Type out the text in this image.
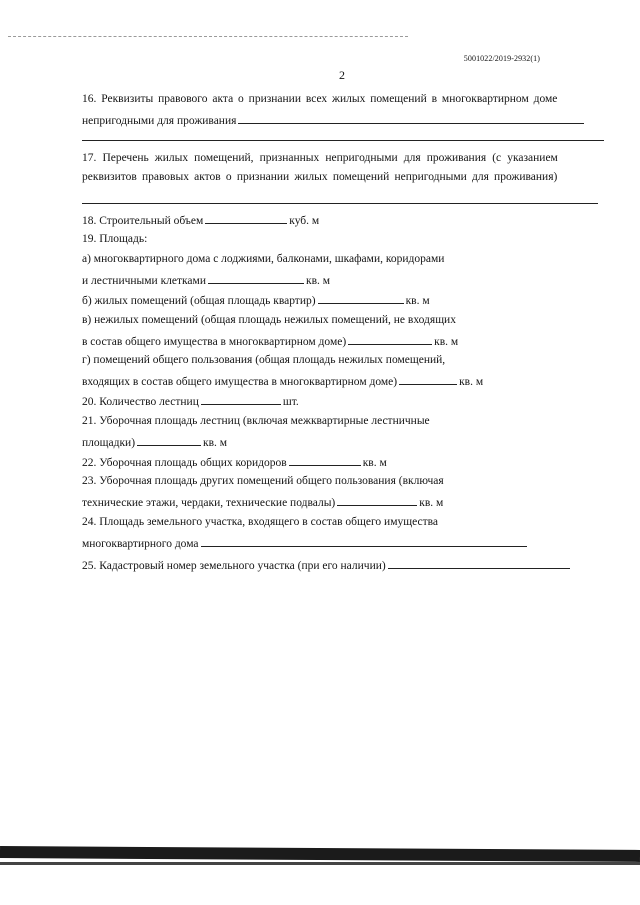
5001022/2019-2932(1)
2
16. Реквизиты правового акта о признании всех жилых помещений в многоквартирном доме
непригодными для проживания
17. Перечень жилых помещений, признанных непригодными для проживания (с указанием
реквизитов правовых актов о признании жилых помещений непригодными для проживания)
18. Строительный объем	куб. м
19. Площадь:
а) многоквартирного дома с лоджиями, балконами, шкафами, коридорами
и лестничными клетками	кв. м
б) жилых помещений (общая площадь квартир)	кв. м
в) нежилых помещений (общая площадь нежилых помещений, не входящих
в состав общего имущества в многоквартирном доме)	кв. м
г) помещений общего пользования (общая площадь нежилых помещений,
входящих в состав общего имущества в многоквартирном доме)	кв. м
20. Количество лестниц	шт.
21. Уборочная площадь лестниц (включая межквартирные лестничные
площадки)	кв. м
22. Уборочная площадь общих коридоров	кв. м
23. Уборочная площадь других помещений общего пользования (включая
технические этажи, чердаки, технические подвалы)	кв. м
24. Площадь земельного участка, входящего в состав общего имущества
многоквартирного дома
25. Кадастровый номер земельного участка (при его наличии)
